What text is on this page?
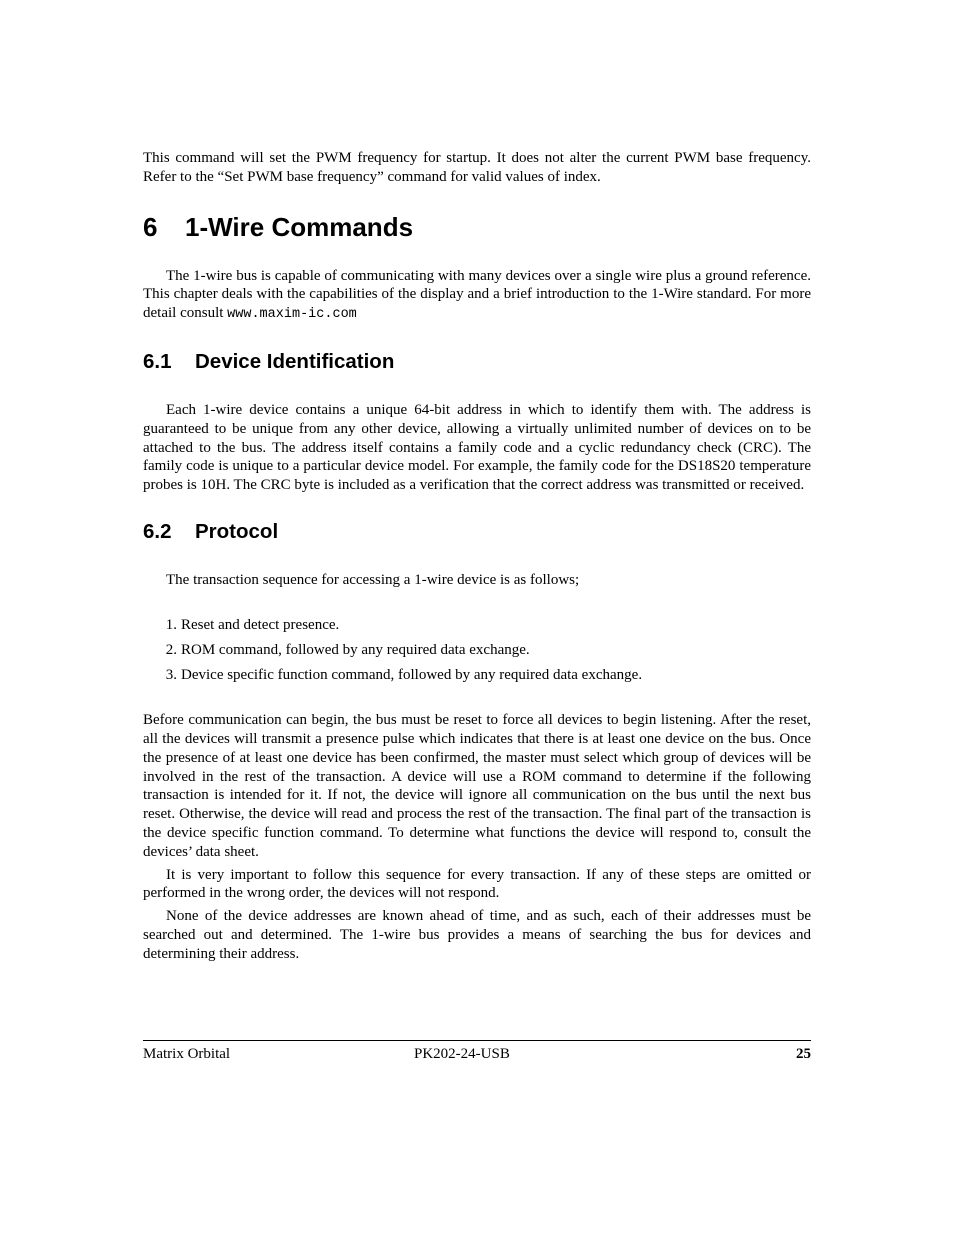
This command will set the PWM frequency for startup. It does not alter the current PWM base frequency. Refer to the “Set PWM base frequency” command for valid values of index.

6 1-Wire Commands

The 1-wire bus is capable of communicating with many devices over a single wire plus a ground reference. This chapter deals with the capabilities of the display and a brief introduction to the 1-Wire standard. For more detail consult www.maxim-ic.com

6.1 Device Identification

Each 1-wire device contains a unique 64-bit address in which to identify them with. The address is guaranteed to be unique from any other device, allowing a virtually unlimited number of devices on to be attached to the bus. The address itself contains a family code and a cyclic redundancy check (CRC). The family code is unique to a particular device model. For example, the family code for the DS18S20 temperature probes is 10H. The CRC byte is included as a verification that the correct address was transmitted or received.

6.2 Protocol

The transaction sequence for accessing a 1-wire device is as follows;

1. Reset and detect presence.
2. ROM command, followed by any required data exchange.
3. Device specific function command, followed by any required data exchange.

Before communication can begin, the bus must be reset to force all devices to begin listening. After the reset, all the devices will transmit a presence pulse which indicates that there is at least one device on the bus. Once the presence of at least one device has been confirmed, the master must select which group of devices will be involved in the rest of the transaction. A device will use a ROM command to determine if the following transaction is intended for it. If not, the device will ignore all communication on the bus until the next bus reset. Otherwise, the device will read and process the rest of the transaction. The final part of the transaction is the device specific function command. To determine what functions the device will respond to, consult the devices’ data sheet.

It is very important to follow this sequence for every transaction. If any of these steps are omitted or performed in the wrong order, the devices will not respond.

None of the device addresses are known ahead of time, and as such, each of their addresses must be searched out and determined. The 1-wire bus provides a means of searching the bus for devices and determining their address.

Matrix Orbital	PK202-24-USB	25
